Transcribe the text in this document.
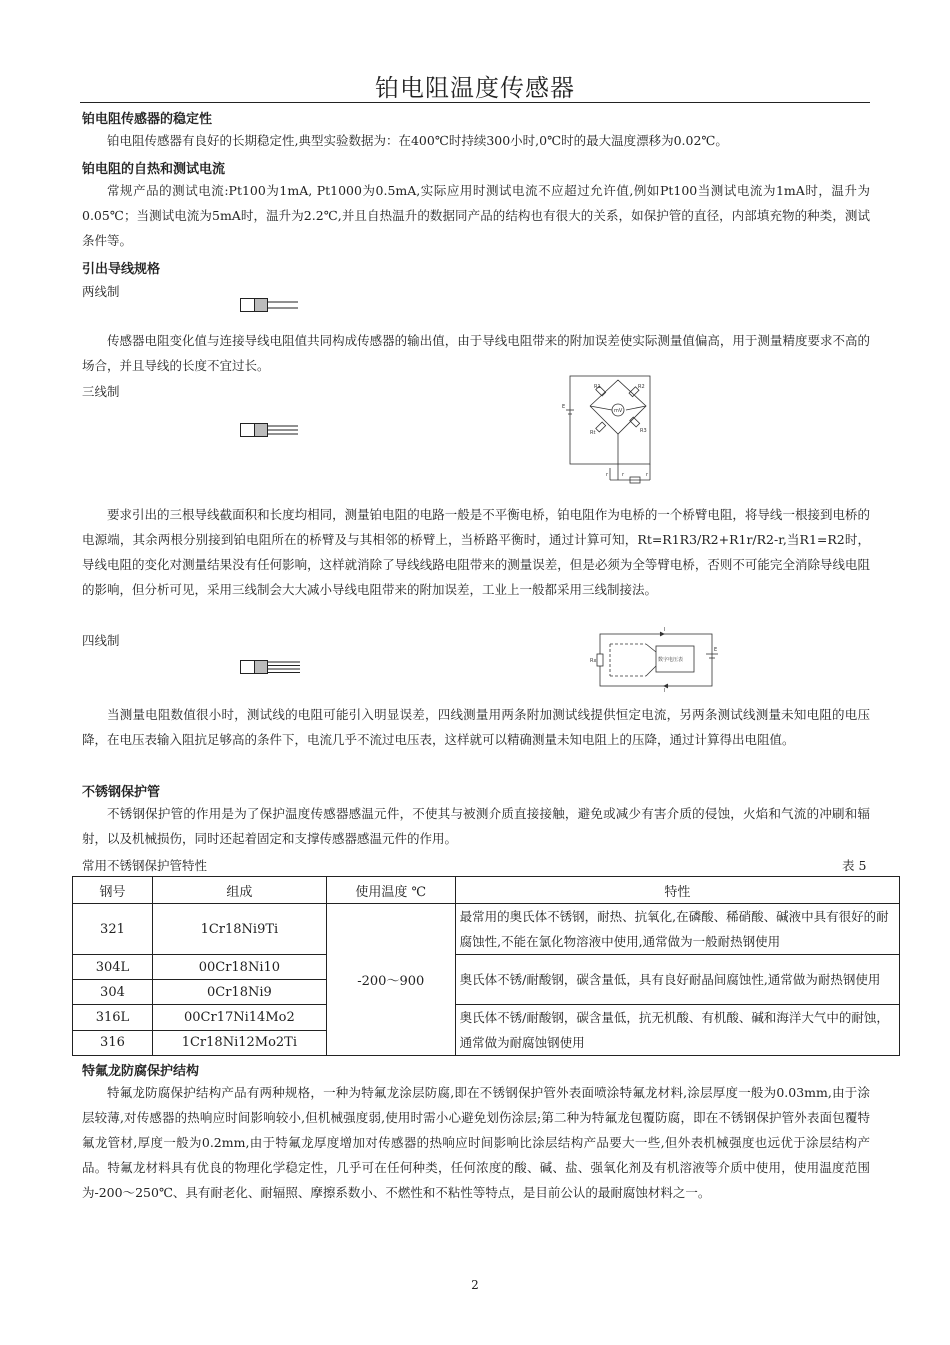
铂电阻温度传感器
铂电阻传感器的稳定性
铂电阻传感器有良好的长期稳定性,典型实验数据为：在400℃时持续300小时,0℃时的最大温度漂移为0.02℃。
铂电阻的自热和测试电流
常规产品的测试电流:Pt100为1mA, Pt1000为0.5mA,实际应用时测试电流不应超过允许值,例如Pt100当测试电流为1mA时，温升为0.05℃；当测试电流为5mA时，温升为2.2℃,并且自热温升的数据同产品的结构也有很大的关系，如保护管的直径，内部填充物的种类，测试条件等。
引出导线规格
两线制
传感器电阻变化值与连接导线电阻值共同构成传感器的输出值，由于导线电阻带来的附加误差使实际测量值偏高，用于测量精度要求不高的场合，并且导线的长度不宜过长。
三线制	R1	R2
R3
Rt
mV
E
r	r	r
要求引出的三根导线截面积和长度均相同，测量铂电阻的电路一般是不平衡电桥，铂电阻作为电桥的一个桥臂电阻，将导线一根接到电桥的电源端，其余两根分别接到铂电阻所在的桥臂及与其相邻的桥臂上，当桥路平衡时，通过计算可知，Rt=R1R3/R2+R1r/R2-r,当R1=R2时，导线电阻的变化对测量结果没有任何影响，这样就消除了导线线路电阻带来的测量误差，但是必须为全等臂电桥，否则不可能完全消除导线电阻的影响，但分析可见，采用三线制会大大减小导线电阻带来的附加误差，工业上一般都采用三线制接法。
四线制
数字电压表
Rx
E
I
I
当测量电阻数值很小时，测试线的电阻可能引入明显误差，四线测量用两条附加测试线提供恒定电流，另两条测试线测量未知电阻的电压降，在电压表输入阻抗足够高的条件下，电流几乎不流过电压表，这样就可以精确测量未知电阻上的压降，通过计算得出电阻值。
不锈钢保护管
不锈钢保护管的作用是为了保护温度传感器感温元件，不使其与被测介质直接接触，避免或减少有害介质的侵蚀，火焰和气流的冲刷和辐射，以及机械损伤，同时还起着固定和支撑传感器感温元件的作用。
常用不锈钢保护管特性	表 5
钢号	组成	使用温度 ℃	特性
321	1Cr18Ni9Ti	-200～900	最常用的奥氏体不锈钢，耐热、抗氧化,在磷酸、稀硝酸、碱液中具有很好的耐腐蚀性,不能在氯化物溶液中使用,通常做为一般耐热钢使用
304L	00Cr18Ni10		奥氏体不锈/耐酸钢，碳含量低，具有良好耐晶间腐蚀性,通常做为耐热钢使用
304	0Cr18Ni9		
316L	00Cr17Ni14Mo2		奥氏体不锈/耐酸钢，碳含量低，抗无机酸、有机酸、碱和海洋大气中的耐蚀，通常做为耐腐蚀钢使用
316	1Cr18Ni12Mo2Ti		
特氟龙防腐保护结构
特氟龙防腐保护结构产品有两种规格，一种为特氟龙涂层防腐,即在不锈钢保护管外表面喷涂特氟龙材料,涂层厚度一般为0.03mm,由于涂层较薄,对传感器的热响应时间影响较小,但机械强度弱,使用时需小心避免划伤涂层;第二种为特氟龙包覆防腐，即在不锈钢保护管外表面包覆特氟龙管材,厚度一般为0.2mm,由于特氟龙厚度增加对传感器的热响应时间影响比涂层结构产品要大一些,但外表机械强度也远优于涂层结构产品。特氟龙材料具有优良的物理化学稳定性，几乎可在任何种类，任何浓度的酸、碱、盐、强氧化剂及有机溶液等介质中使用，使用温度范围为-200～250℃、具有耐老化、耐辐照、摩擦系数小、不燃性和不粘性等特点，是目前公认的最耐腐蚀材料之一。
2
